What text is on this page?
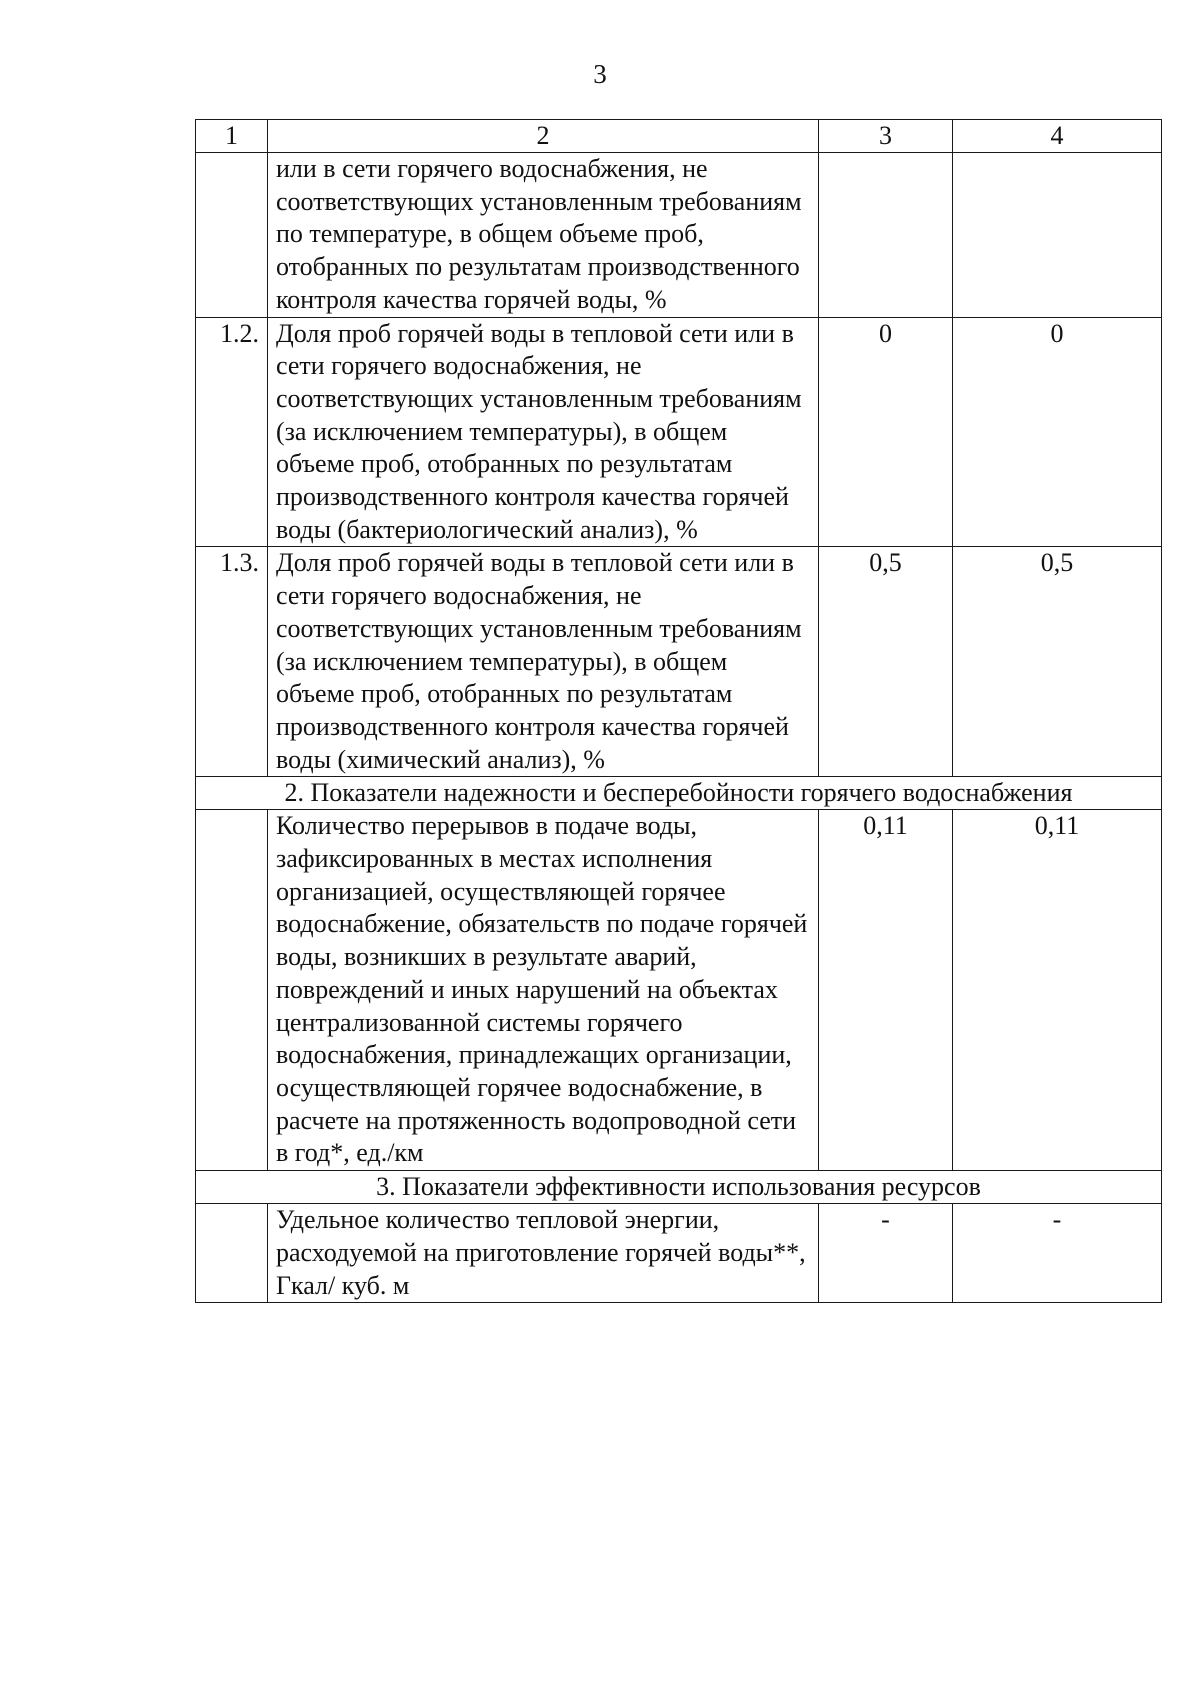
3
1	2	3	4
	или в сети горячего водоснабжения, не соответствующих установленным требованиям по температуре, в общем объеме проб, отобранных по результатам производственного контроля качества горячей воды, %		
1.2.	Доля проб горячей воды в тепловой сети или в сети горячего водоснабжения, не соответствующих установленным требованиям (за исключением температуры), в общем объеме проб, отобранных по результатам производственного контроля качества горячей воды (бактериологический анализ), %	0	0
1.3.	Доля проб горячей воды в тепловой сети или в сети горячего водоснабжения, не соответствующих установленным требованиям (за исключением температуры), в общем объеме проб, отобранных по результатам производственного контроля качества горячей воды (химический анализ), %	0,5	0,5
2. Показатели надежности и бесперебойности горячего водоснабжения			
	Количество перерывов в подаче воды, зафиксированных в местах исполнения организацией, осуществляющей горячее водоснабжение, обязательств по подаче горячей воды, возникших в результате аварий, повреждений и иных нарушений на объектах централизованной системы горячего водоснабжения, принадлежащих организации, осуществляющей горячее водоснабжение, в расчете на протяженность водопроводной сети в год*, ед./км	0,11	0,11
3. Показатели эффективности использования ресурсов			
	Удельное количество тепловой энергии, расходуемой на приготовление горячей воды**, Гкал/ куб. м	-	-
